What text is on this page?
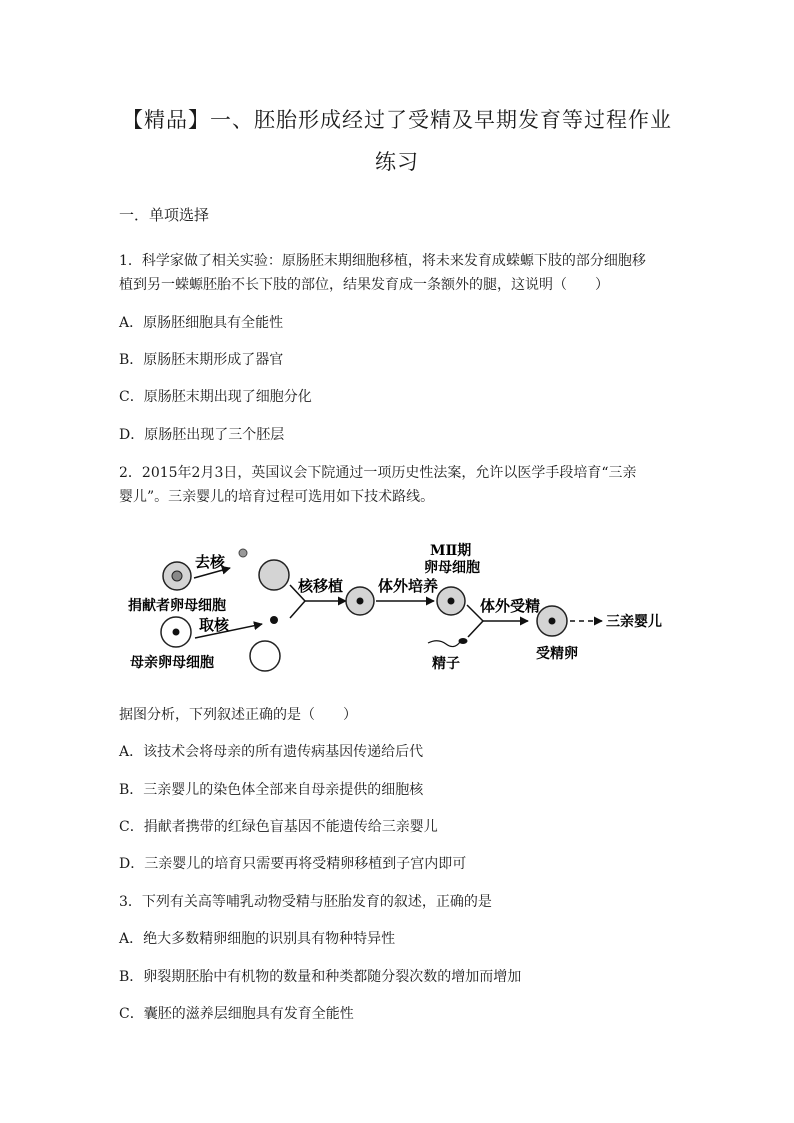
【精品】一、胚胎形成经过了受精及早期发育等过程作业
练习
一．单项选择
1．科学家做了相关实验：原肠胚末期细胞移植，将未来发育成蝾螈下肢的部分细胞移
植到另一蝾螈胚胎不长下肢的部位，结果发育成一条额外的腿，这说明（　　）
A．原肠胚细胞具有全能性
B．原肠胚末期形成了器官
C．原肠胚末期出现了细胞分化
D．原肠胚出现了三个胚层
2．2015年2月3日，英国议会下院通过一项历史性法案，允许以医学手段培育“三亲
婴儿”。三亲婴儿的培育过程可选用如下技术路线。
去核
捐献者卵母细胞
取核
母亲卵母细胞
核移植 体外培养
MⅡ期
卵母细胞
体外受精
精子
受精卵
三亲婴儿
据图分析，下列叙述正确的是（　　）
A．该技术会将母亲的所有遗传病基因传递给后代
B．三亲婴儿的染色体全部来自母亲提供的细胞核
C．捐献者携带的红绿色盲基因不能遗传给三亲婴儿
D．三亲婴儿的培育只需要再将受精卵移植到子宫内即可
3．下列有关高等哺乳动物受精与胚胎发育的叙述，正确的是
A．绝大多数精卵细胞的识别具有物种特异性
B．卵裂期胚胎中有机物的数量和种类都随分裂次数的增加而增加
C．囊胚的滋养层细胞具有发育全能性
